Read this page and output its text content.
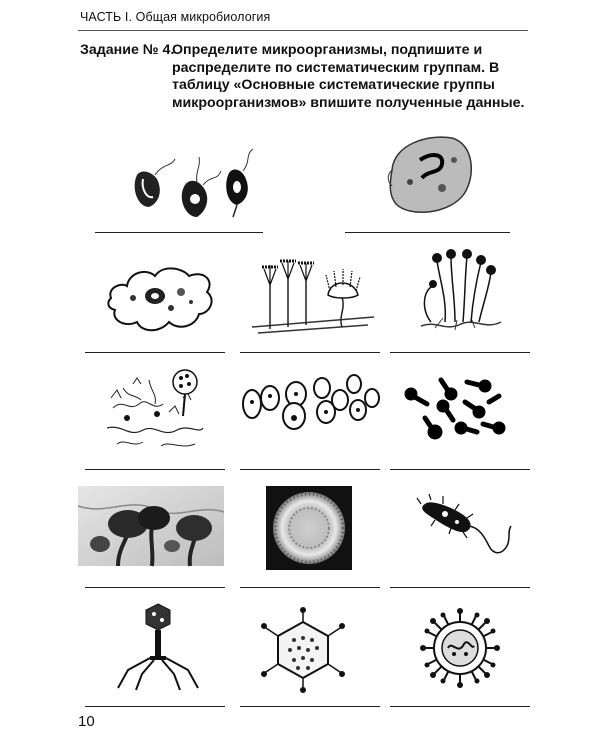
ЧАСТЬ I. Общая микробиология
Задание № 4.
Определите микроорганизмы, подпишите и распределите по систематическим группам. В таблицу «Основные систематические группы микроорганизмов» впишите полученные данные.
10
